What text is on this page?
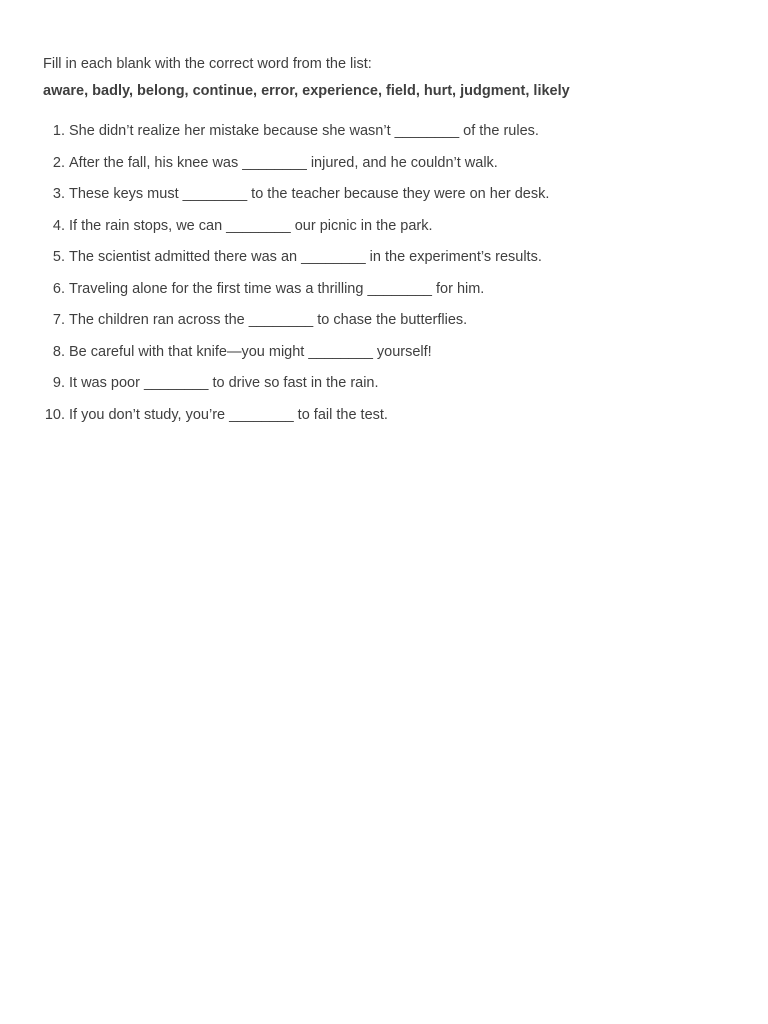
Fill in each blank with the correct word from the list:

aware, badly, belong, continue, error, experience, field, hurt, judgment, likely

1. She didn’t realize her mistake because she wasn’t ________ of the rules.
2. After the fall, his knee was ________ injured, and he couldn’t walk.
3. These keys must ________ to the teacher because they were on her desk.
4. If the rain stops, we can ________ our picnic in the park.
5. The scientist admitted there was an ________ in the experiment’s results.
6. Traveling alone for the first time was a thrilling ________ for him.
7. The children ran across the ________ to chase the butterflies.
8. Be careful with that knife—you might ________ yourself!
9. It was poor ________ to drive so fast in the rain.
10. If you don’t study, you’re ________ to fail the test.
